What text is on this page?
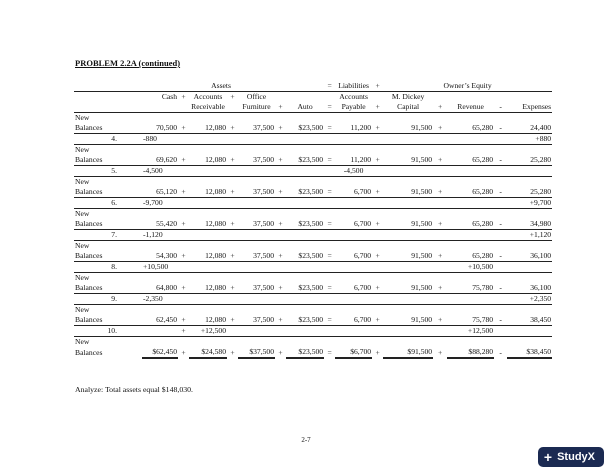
PROBLEM 2.2A (continued)
	Assets								=	Liabilities	+	Owner’s Equity				
		Cash	+	Accounts	+	Office				Accounts		M. Dickey				
				Receivable		Furniture	+	Auto	=	Payable	+	Capital	+	Revenue	-	Expenses
New																
Balances		70,500	+	12,080	+	37,500	+	$23,500	=	11,200	+	91,500	+	65,280	-	24,400
4.		-880														+880
New																
Balances		69,620	+	12,080	+	37,500	+	$23,500	=	11,200	+	91,500	+	65,280	-	25,280
5.		-4,500								-4,500						
New																
Balances		65,120	+	12,080	+	37,500	+	$23,500	=	6,700	+	91,500	+	65,280	-	25,280
6.		-9,700														+9,700
New																
Balances		55,420	+	12,080	+	37,500	+	$23,500	=	6,700	+	91,500	+	65,280	-	34,980
7.		-1,120														+1,120
New																
Balances		54,300	+	12,080	+	37,500	+	$23,500	=	6,700	+	91,500	+	65,280	-	36,100
8.		+10,500												+10,500		
New																
Balances		64,800	+	12,080	+	37,500	+	$23,500	=	6,700	+	91,500	+	75,780	-	36,100
9.		-2,350														+2,350
New																
Balances		62,450	+	12,080	+	37,500	+	$23,500	=	6,700	+	91,500	+	75,780	-	38,450
10.			+	+12,500										+12,500		
New																
Balances		$62,450	+	$24,580	+	$37,500	+	$23,500	=	$6,700	+	$91,500	+	$88,280	-	$38,450
Analyze: Total assets equal $148,030.
2-7
+ StudyX
